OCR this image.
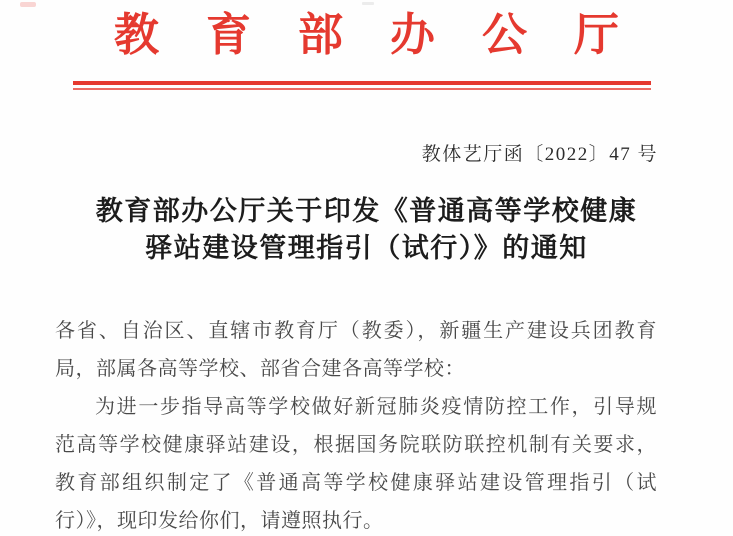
教育部办公厅
教体艺厅函〔2022〕47 号
教育部办公厅关于印发《普通高等学校健康
驿站建设管理指引（试行）》的通知
各省、自治区、直辖市教育厅（教委），新疆生产建设兵团教育
局，部属各高等学校、部省合建各高等学校：
为进一步指导高等学校做好新冠肺炎疫情防控工作，引导规
范高等学校健康驿站建设，根据国务院联防联控机制有关要求，
教育部组织制定了《普通高等学校健康驿站建设管理指引（试
行）》，现印发给你们，请遵照执行。
